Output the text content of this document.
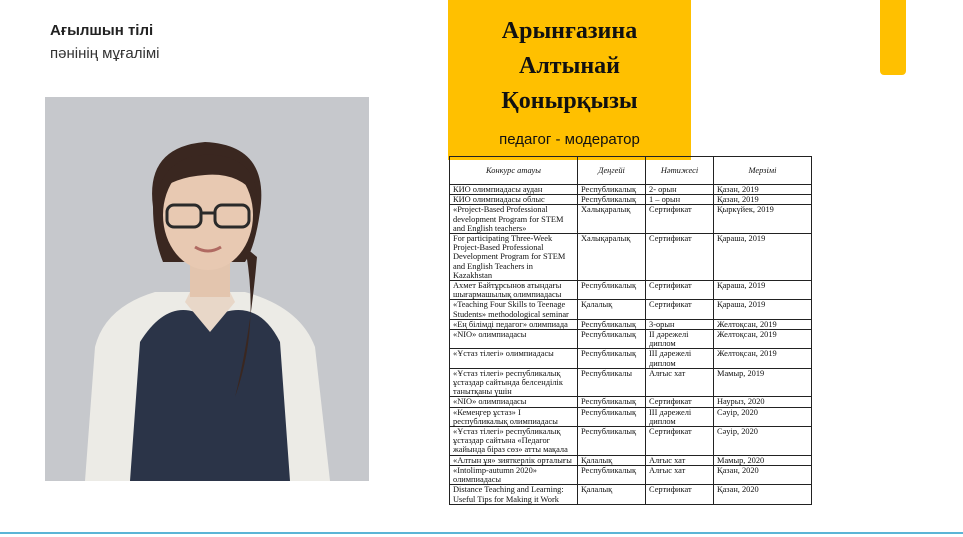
Ағылшын тілі
пәнінің мұғалімі
Арынғазина
Алтынай
Қонырқызы
педагог - модератор
Конкурс атауы	Деңгейі	Нәтижесі	Мерзімі
КИО олимпиадасы аудан	Республикалық	2- орын	Қазан, 2019
КИО олимпиадасы облыс	Республикалық	1 – орын	Қазан, 2019
«Project-Based Professional development Program for STEM and English teachers»	Халықаралық	Сертификат	Қыркүйек, 2019
For participating Three-Week Project-Based Professional Development Program for STEM and English Teachers in Kazakhstan	Халықаралық	Сертификат	Қараша, 2019
Ахмет Байтұрсынов атындағы шығармашылық олимпиадасы	Республикалық	Сертификат	Қараша, 2019
«Teaching Four Skills to Teenage Students» methodological seminar	Қалалық	Сертификат	Қараша, 2019
«Ең білімді педагог» олимпиада	Республикалық	3-орын	Желтоқсан, 2019
«NIO» олимпиадасы	Республикалық	II дәрежелі диплом	Желтоқсан, 2019
«Ұстаз тілегі» олимпиадасы	Республикалық	III дәрежелі диплом	Желтоқсан, 2019
«Ұстаз тілегі» республикалық ұстаздар сайтында белсенділік танытқаны үшін	Республикалы	Алғыс хат	Мамыр, 2019
«NIO» олимпиадасы	Республикалық	Сертификат	Наурыз, 2020
«Кемеңгер ұстаз» I республикалық олимпиадасы	Республикалық	III дәрежелі диплом	Сәуір, 2020
«Ұстаз тілегі» республикалық ұстаздар сайтына «Педагог жайында біраз сөз» атты мақала	Республикалық	Сертификат	Сәуір, 2020
«Алтын ұя» зияткерлік орталығы	Қалалық	Алғыс хат	Мамыр, 2020
«Intolimp-autumn 2020» олимпиадасы	Республикалық	Алғыс хат	Қазан, 2020
Distance Teaching and Learning: Useful Tips for Making it Work	Қалалық	Сертификат	Қазан, 2020
